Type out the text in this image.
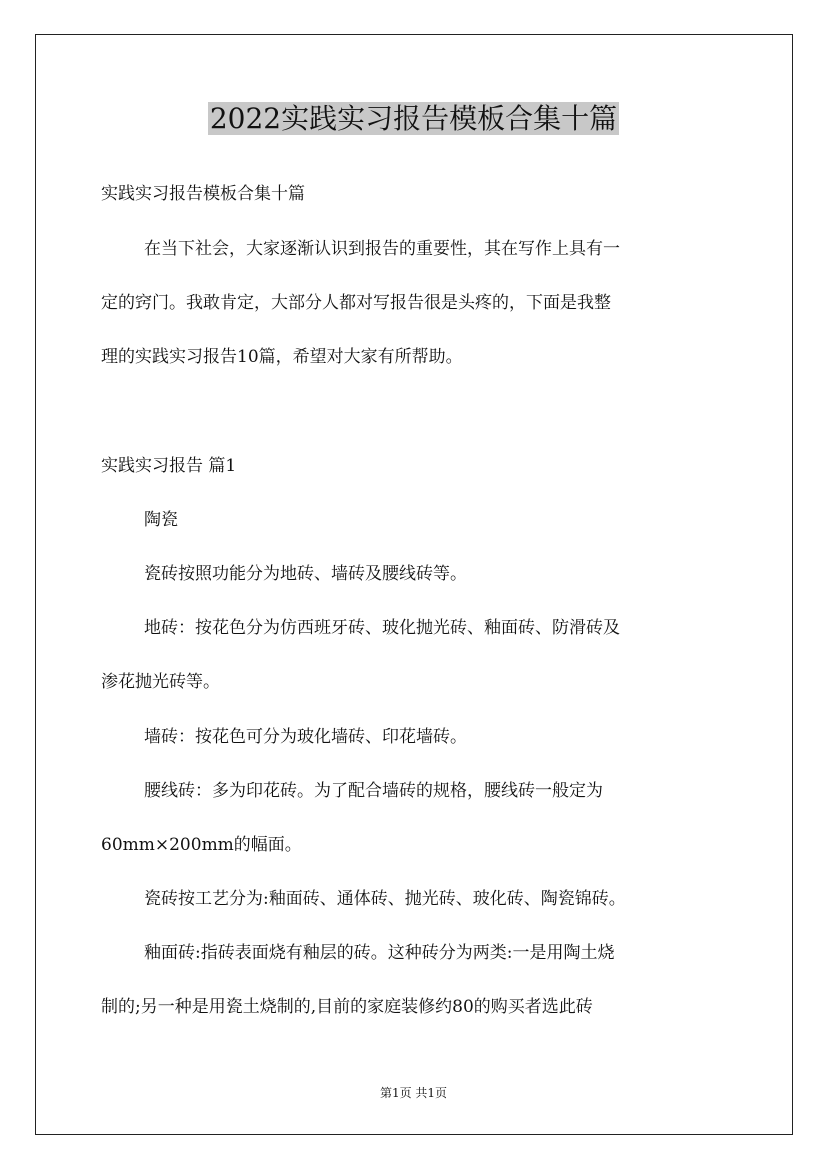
2022实践实习报告模板合集十篇

实践实习报告模板合集十篇

在当下社会，大家逐渐认识到报告的重要性，其在写作上具有一

定的窍门。我敢肯定，大部分人都对写报告很是头疼的，下面是我整

理的实践实习报告10篇，希望对大家有所帮助。

实践实习报告 篇1

陶瓷

瓷砖按照功能分为地砖、墙砖及腰线砖等。

地砖：按花色分为仿西班牙砖、玻化抛光砖、釉面砖、防滑砖及

渗花抛光砖等。

墙砖：按花色可分为玻化墙砖、印花墙砖。

腰线砖：多为印花砖。为了配合墙砖的规格，腰线砖一般定为

60mm×200mm的幅面。

瓷砖按工艺分为:釉面砖、通体砖、抛光砖、玻化砖、陶瓷锦砖。

釉面砖:指砖表面烧有釉层的砖。这种砖分为两类:一是用陶土烧

制的;另一种是用瓷土烧制的,目前的家庭装修约80的购买者选此砖

第1页 共1页
